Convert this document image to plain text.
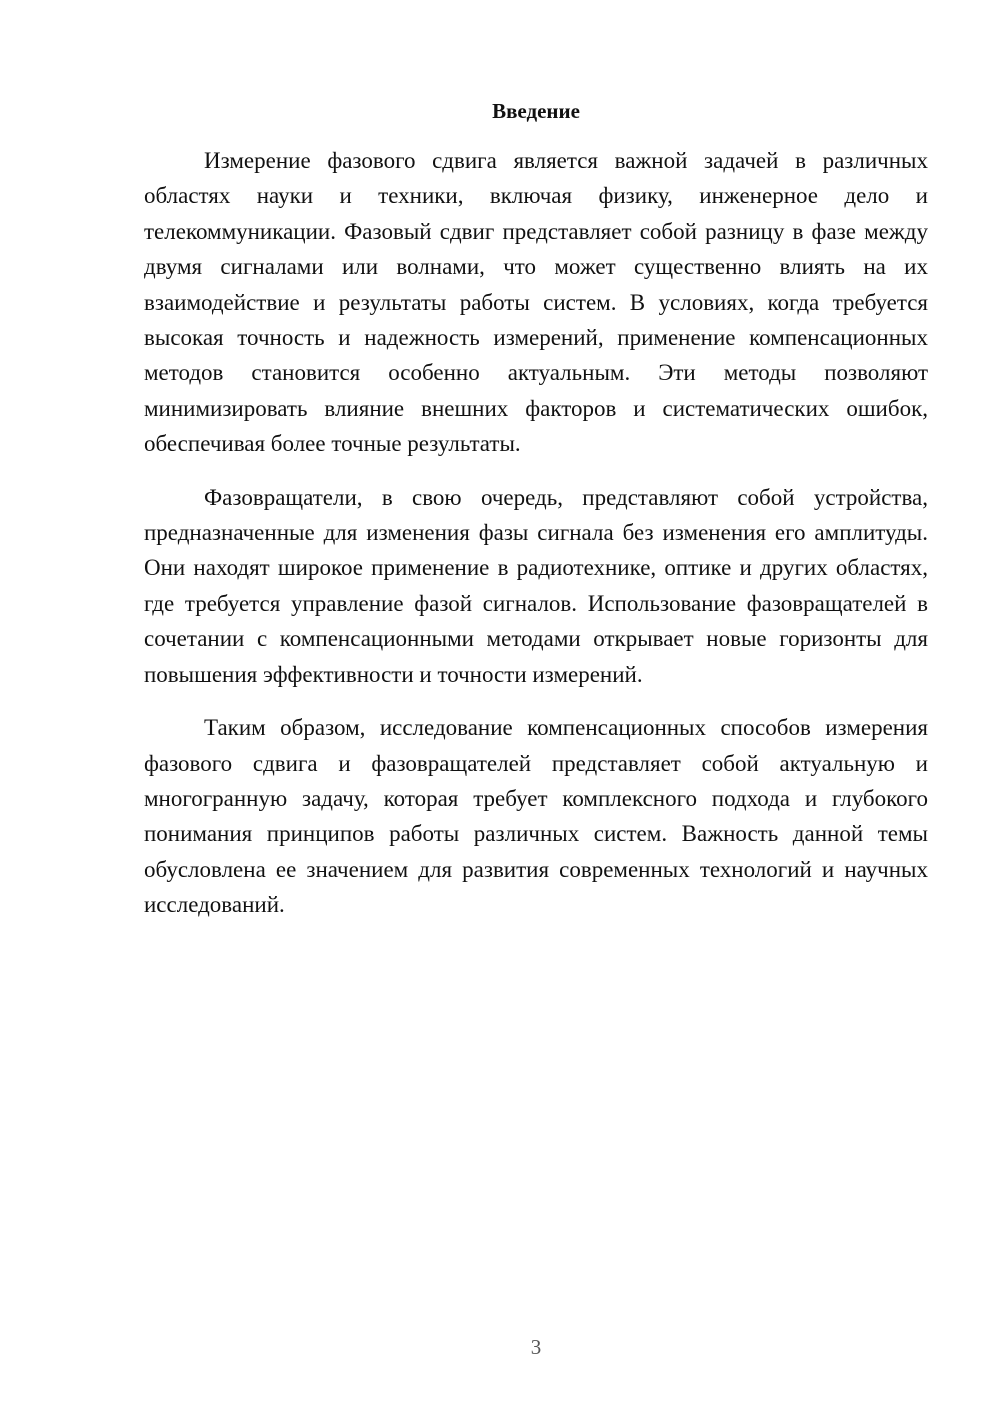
Введение

Измерение фазового сдвига является важной задачей в различных областях науки и техники, включая физику, инженерное дело и телекоммуникации. Фазовый сдвиг представляет собой разницу в фазе между двумя сигналами или волнами, что может существенно влиять на их взаимодействие и результаты работы систем. В условиях, когда требуется высокая точность и надежность измерений, применение компенсационных методов становится особенно актуальным. Эти методы позволяют минимизировать влияние внешних факторов и систематических ошибок, обеспечивая более точные результаты.

Фазовращатели, в свою очередь, представляют собой устройства, предназначенные для изменения фазы сигнала без изменения его амплитуды. Они находят широкое применение в радиотехнике, оптике и других областях, где требуется управление фазой сигналов. Использование фазовращателей в сочетании с компенсационными методами открывает новые горизонты для повышения эффективности и точности измерений.

Таким образом, исследование компенсационных способов измерения фазового сдвига и фазовращателей представляет собой актуальную и многогранную задачу, которая требует комплексного подхода и глубокого понимания принципов работы различных систем. Важность данной темы обусловлена ее значением для развития современных технологий и научных исследований.

3
